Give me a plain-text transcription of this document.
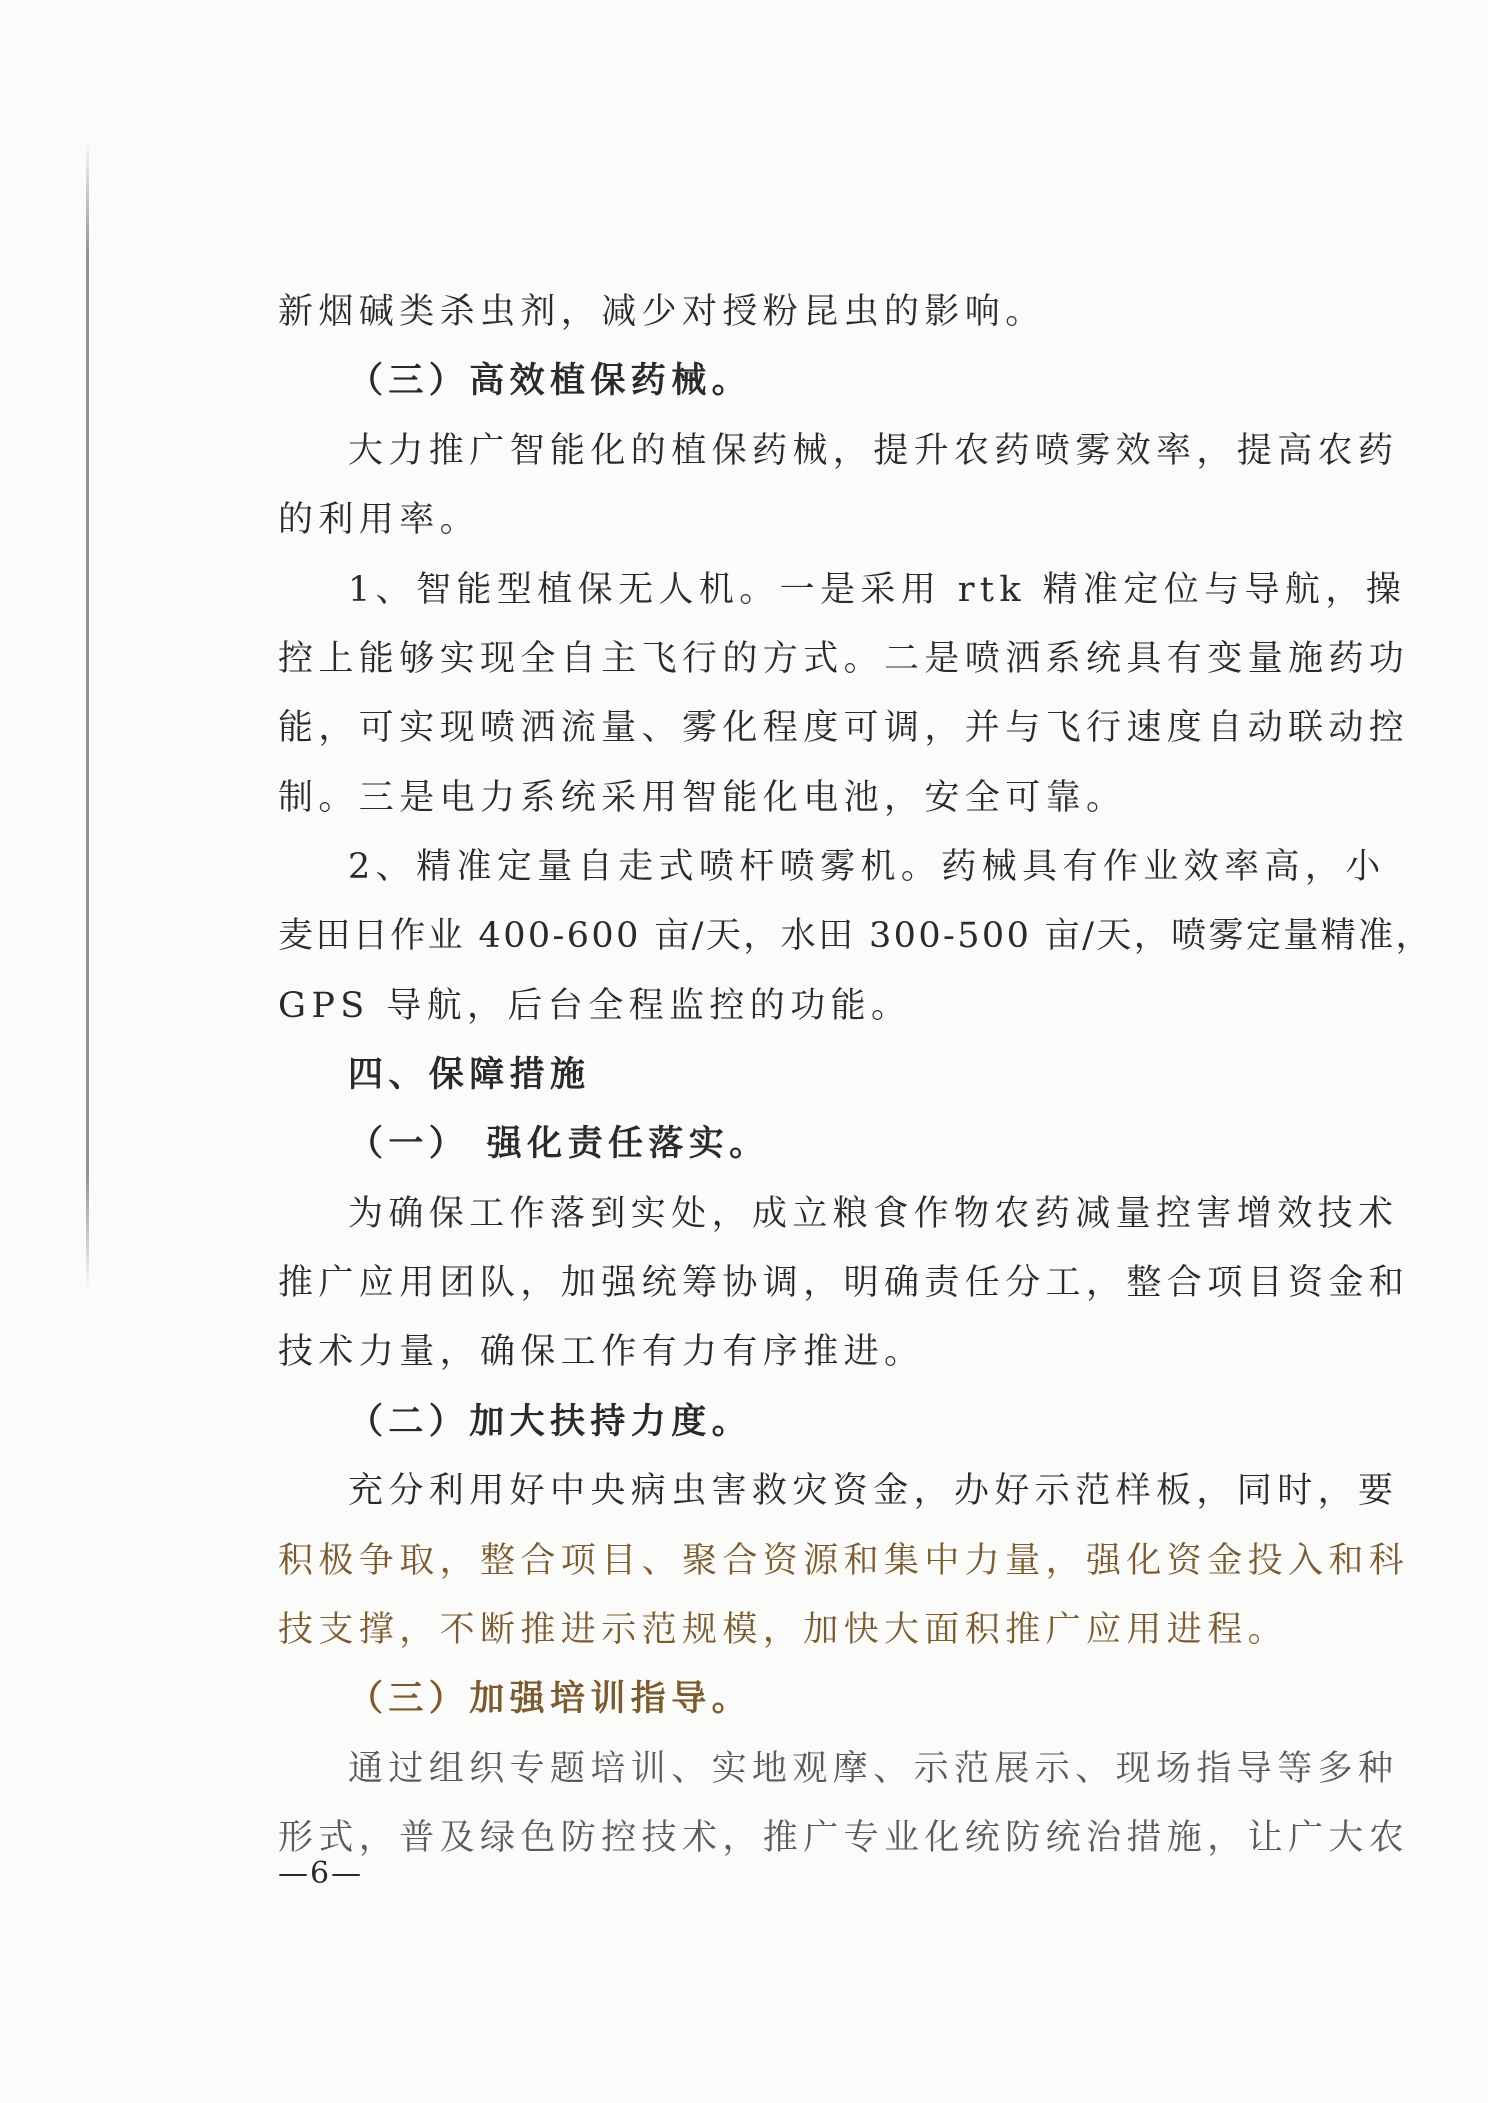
新烟碱类杀虫剂，减少对授粉昆虫的影响。
（三）高效植保药械。
大力推广智能化的植保药械，提升农药喷雾效率，提高农药
的利用率。
1、智能型植保无人机。一是采用 rtk 精准定位与导航，操
控上能够实现全自主飞行的方式。二是喷洒系统具有变量施药功
能，可实现喷洒流量、雾化程度可调，并与飞行速度自动联动控
制。三是电力系统采用智能化电池，安全可靠。
2、精准定量自走式喷杆喷雾机。药械具有作业效率高，小
麦田日作业 400-600 亩/天，水田 300-500 亩/天，喷雾定量精准，
GPS 导航，后台全程监控的功能。
四、保障措施
（一） 强化责任落实。
为确保工作落到实处，成立粮食作物农药减量控害增效技术
推广应用团队，加强统筹协调，明确责任分工，整合项目资金和
技术力量，确保工作有力有序推进。
（二）加大扶持力度。
充分利用好中央病虫害救灾资金，办好示范样板，同时，要
积极争取，整合项目、聚合资源和集中力量，强化资金投入和科
技支撑，不断推进示范规模，加快大面积推广应用进程。
（三）加强培训指导。
通过组织专题培训、实地观摩、示范展示、现场指导等多种
形式，普及绿色防控技术，推广专业化统防统治措施，让广大农
—6—
